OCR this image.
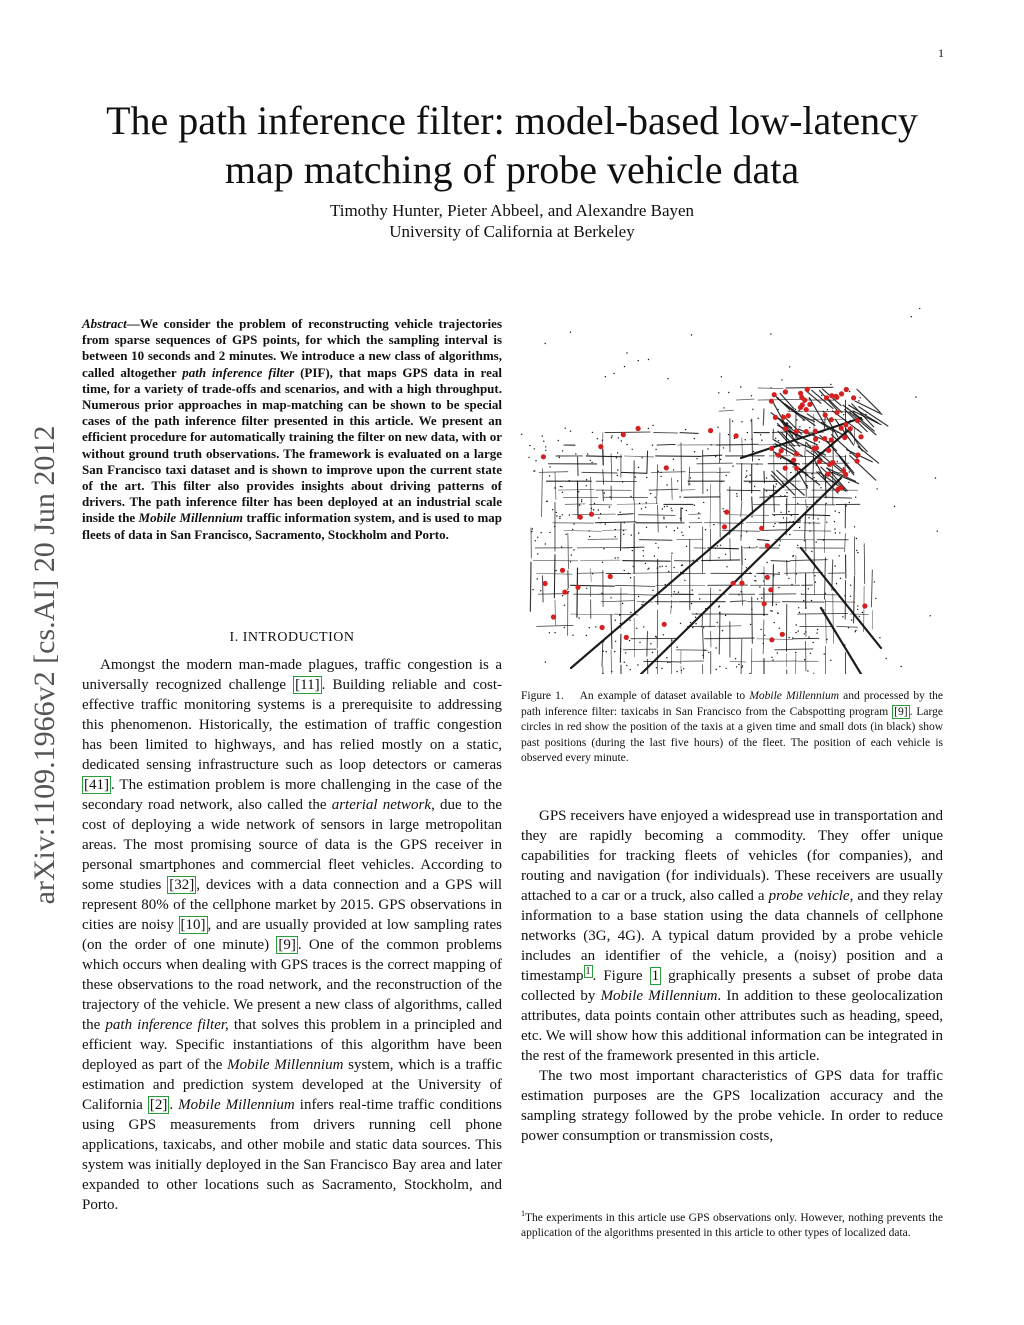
1
The path inference filter: model-based low-latency
map matching of probe vehicle data
Timothy Hunter, Pieter Abbeel, and Alexandre Bayen
University of California at Berkeley
arXiv:1109.1966v2 [cs.AI] 20 Jun 2012
Abstract—We consider the problem of reconstructing vehicle trajectories from sparse sequences of GPS points, for which the sampling interval is between 10 seconds and 2 minutes. We introduce a new class of algorithms, called altogether path inference filter (PIF), that maps GPS data in real time, for a variety of trade-offs and scenarios, and with a high throughput. Numerous prior approaches in map-matching can be shown to be special cases of the path inference filter presented in this article. We present an efficient procedure for automatically training the filter on new data, with or without ground truth observations. The framework is evaluated on a large San Francisco taxi dataset and is shown to improve upon the current state of the art. This filter also provides insights about driving patterns of drivers. The path inference filter has been deployed at an industrial scale inside the Mobile Millennium traffic information system, and is used to map fleets of data in San Francisco, Sacramento, Stockholm and Porto.
I. INTRODUCTION

Amongst the modern man-made plagues, traffic congestion is a universally recognized challenge [11] . Building reliable and cost-effective traffic monitoring systems is a prerequisite to addressing this phenomenon. Historically, the estimation of traffic congestion has been limited to highways, and has relied mostly on a static, dedicated sensing infrastructure such as loop detectors or cameras [41] . The estimation problem is more challenging in the case of the secondary road network, also called the arterial network, due to the cost of deploying a wide network of sensors in large metropolitan areas. The most promising source of data is the GPS receiver in personal smartphones and commercial fleet vehicles. According to some studies [32] , devices with a data connection and a GPS will represent 80% of the cellphone market by 2015. GPS observations in cities are noisy [10] , and are usually provided at low sampling rates (on the order of one minute) [9] . One of the common problems which occurs when dealing with GPS traces is the correct mapping of these observations to the road network, and the reconstruction of the trajectory of the vehicle. We present a new class of algorithms, called the path inference filter, that solves this problem in a principled and efficient way. Specific instantiations of this algorithm have been deployed as part of the Mobile Millennium system, which is a traffic estimation and prediction system developed at the University of California [2] . Mobile Millennium infers real-time traffic conditions using GPS measurements from drivers running cell phone applications, taxicabs, and other mobile and static data sources. This system was initially deployed in the San Francisco Bay area and later expanded to other locations such as Sacramento, Stockholm, and Porto.

Figure 1. An example of dataset available to Mobile Millennium and processed by the path inference filter: taxicabs in San Francisco from the Cabspotting program [9] . Large circles in red show the position of the taxis at a given time and small dots (in black) show past positions (during the last five hours) of the fleet. The position of each vehicle is observed every minute.

GPS receivers have enjoyed a widespread use in transportation and they are rapidly becoming a commodity. They offer unique capabilities for tracking fleets of vehicles (for companies), and routing and navigation (for individuals). These receivers are usually attached to a car or a truck, also called a probe vehicle, and they relay information to a base station using the data channels of cellphone networks (3G, 4G). A typical datum provided by a probe vehicle includes an identifier of the vehicle, a (noisy) position and a timestamp $^1$ . Figure 1 graphically presents a subset of probe data collected by Mobile Millennium. In addition to these geolocalization attributes, data points contain other attributes such as heading, speed, etc. We will show how this additional information can be integrated in the rest of the framework presented in this article.

The two most important characteristics of GPS data for traffic estimation purposes are the GPS localization accuracy and the sampling strategy followed by the probe vehicle. In order to reduce power consumption or transmission costs,

$^1$The experiments in this article use GPS observations only. However, nothing prevents the application of the algorithms presented in this article to other types of localized data.
